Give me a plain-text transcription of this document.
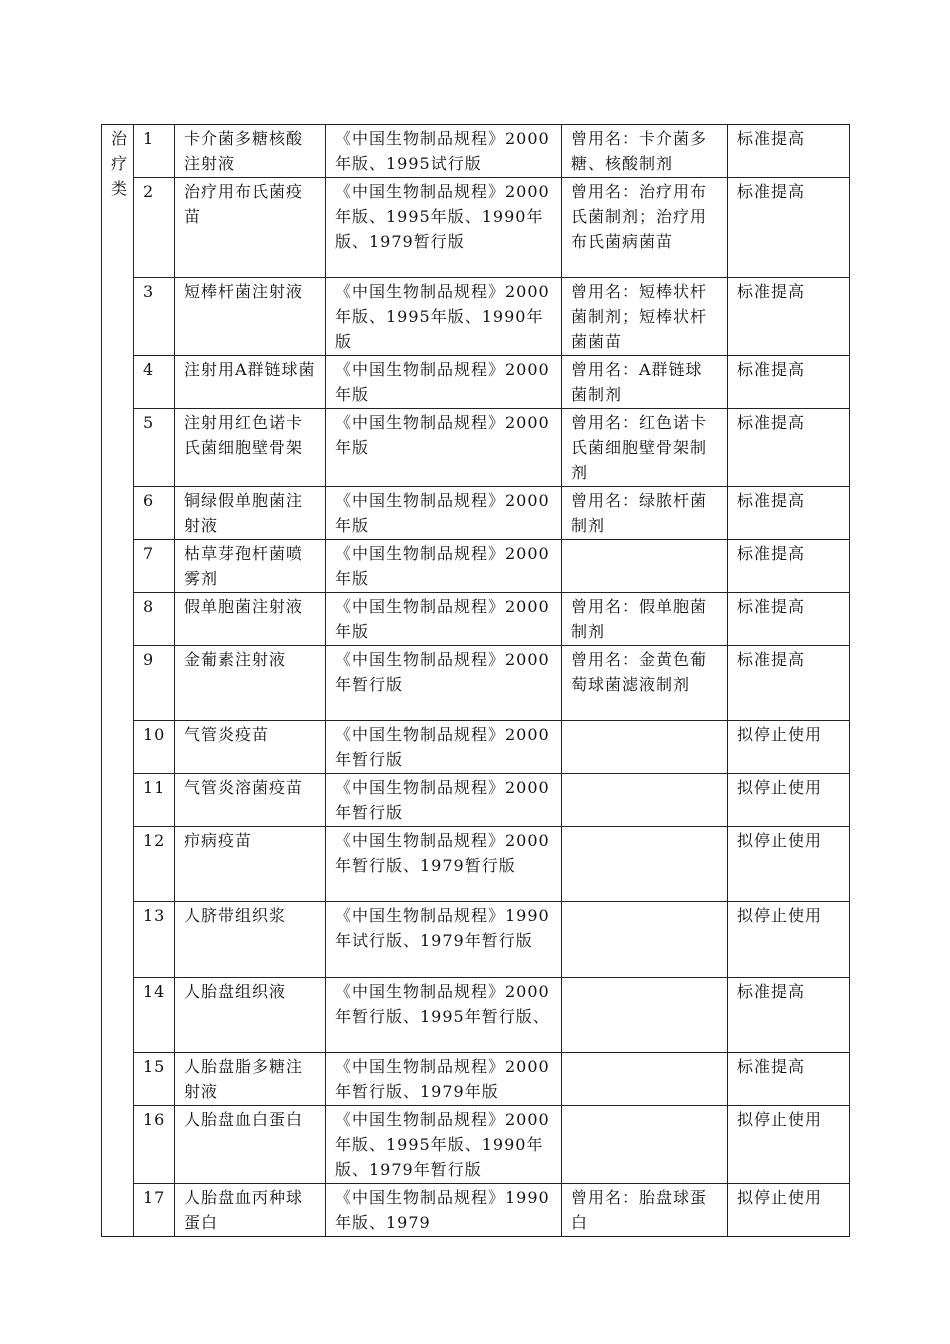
治
疗
类	1	卡介菌多糖核酸注射液	《中国生物制品规程》2000年版、1995试行版	曾用名：卡介菌多糖、核酸制剂	标准提高
	2	治疗用布氏菌疫苗	《中国生物制品规程》2000年版、1995年版、1990年版、1979暂行版	曾用名：治疗用布氏菌制剂；治疗用布氏菌病菌苗	标准提高
	3	短棒杆菌注射液	《中国生物制品规程》2000年版、1995年版、1990年版	曾用名：短棒状杆菌制剂；短棒状杆菌菌苗	标准提高
	4	注射用A群链球菌	《中国生物制品规程》2000年版	曾用名：A群链球菌制剂	标准提高
	5	注射用红色诺卡氏菌细胞壁骨架	《中国生物制品规程》2000年版	曾用名：红色诺卡氏菌细胞壁骨架制剂	标准提高
	6	铜绿假单胞菌注射液	《中国生物制品规程》2000年版	曾用名：绿脓杆菌制剂	标准提高
	7	枯草芽孢杆菌喷雾剂	《中国生物制品规程》2000年版		标准提高
	8	假单胞菌注射液	《中国生物制品规程》2000年版	曾用名：假单胞菌制剂	标准提高
	9	金葡素注射液	《中国生物制品规程》2000年暂行版	曾用名：金黄色葡萄球菌滤液制剂	标准提高
	10	气管炎疫苗	《中国生物制品规程》2000年暂行版		拟停止使用
	11	气管炎溶菌疫苗	《中国生物制品规程》2000年暂行版		拟停止使用
	12	疖病疫苗	《中国生物制品规程》2000年暂行版、1979暂行版		拟停止使用
	13	人脐带组织浆	《中国生物制品规程》1990年试行版、1979年暂行版		拟停止使用
	14	人胎盘组织液	《中国生物制品规程》2000年暂行版、1995年暂行版、		标准提高
	15	人胎盘脂多糖注射液	《中国生物制品规程》2000年暂行版、1979年版		标准提高
	16	人胎盘血白蛋白	《中国生物制品规程》2000年版、1995年版、1990年版、1979年暂行版		拟停止使用
	17	人胎盘血丙种球蛋白	《中国生物制品规程》1990年版、1979	曾用名：胎盘球蛋白	拟停止使用
